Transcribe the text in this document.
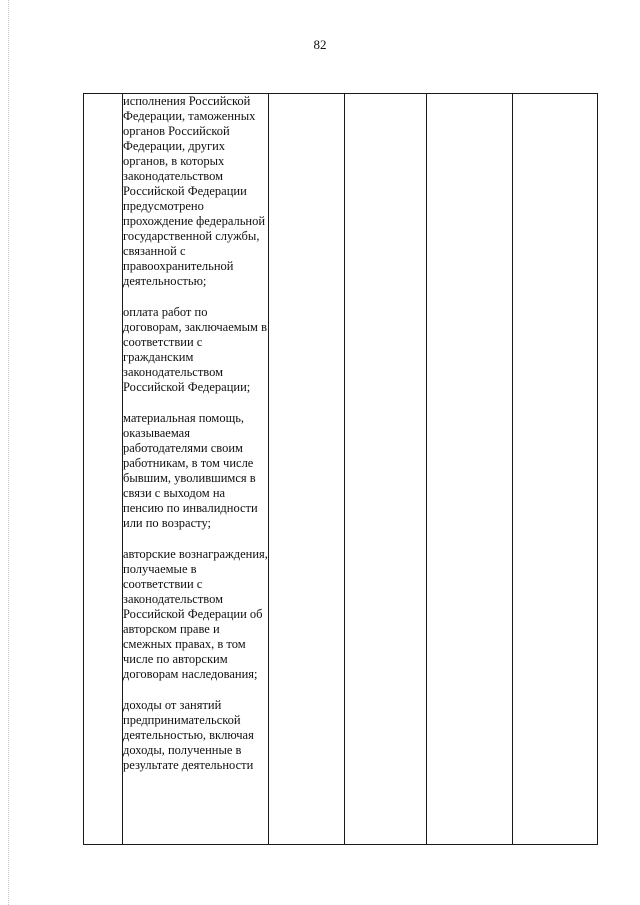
82

исполнения Российской Федерации, таможенных органов Российской Федерации, других органов, в которых законодательством Российской Федерации предусмотрено прохождение федеральной государственной службы, связанной с правоохранительной деятельностью;

оплата работ по договорам, заключаемым в соответствии с гражданским законодательством Российской Федерации;

материальная помощь, оказываемая работодателями своим работникам, в том числе бывшим, уволившимся в связи с выходом на пенсию по инвалидности или по возрасту;

авторские вознаграждения, получаемые в соответствии с законодательством Российской Федерации об авторском праве и смежных правах, в том числе по авторским договорам наследования;

доходы от занятий предпринимательской деятельностью, включая доходы, полученные в результате деятельности
